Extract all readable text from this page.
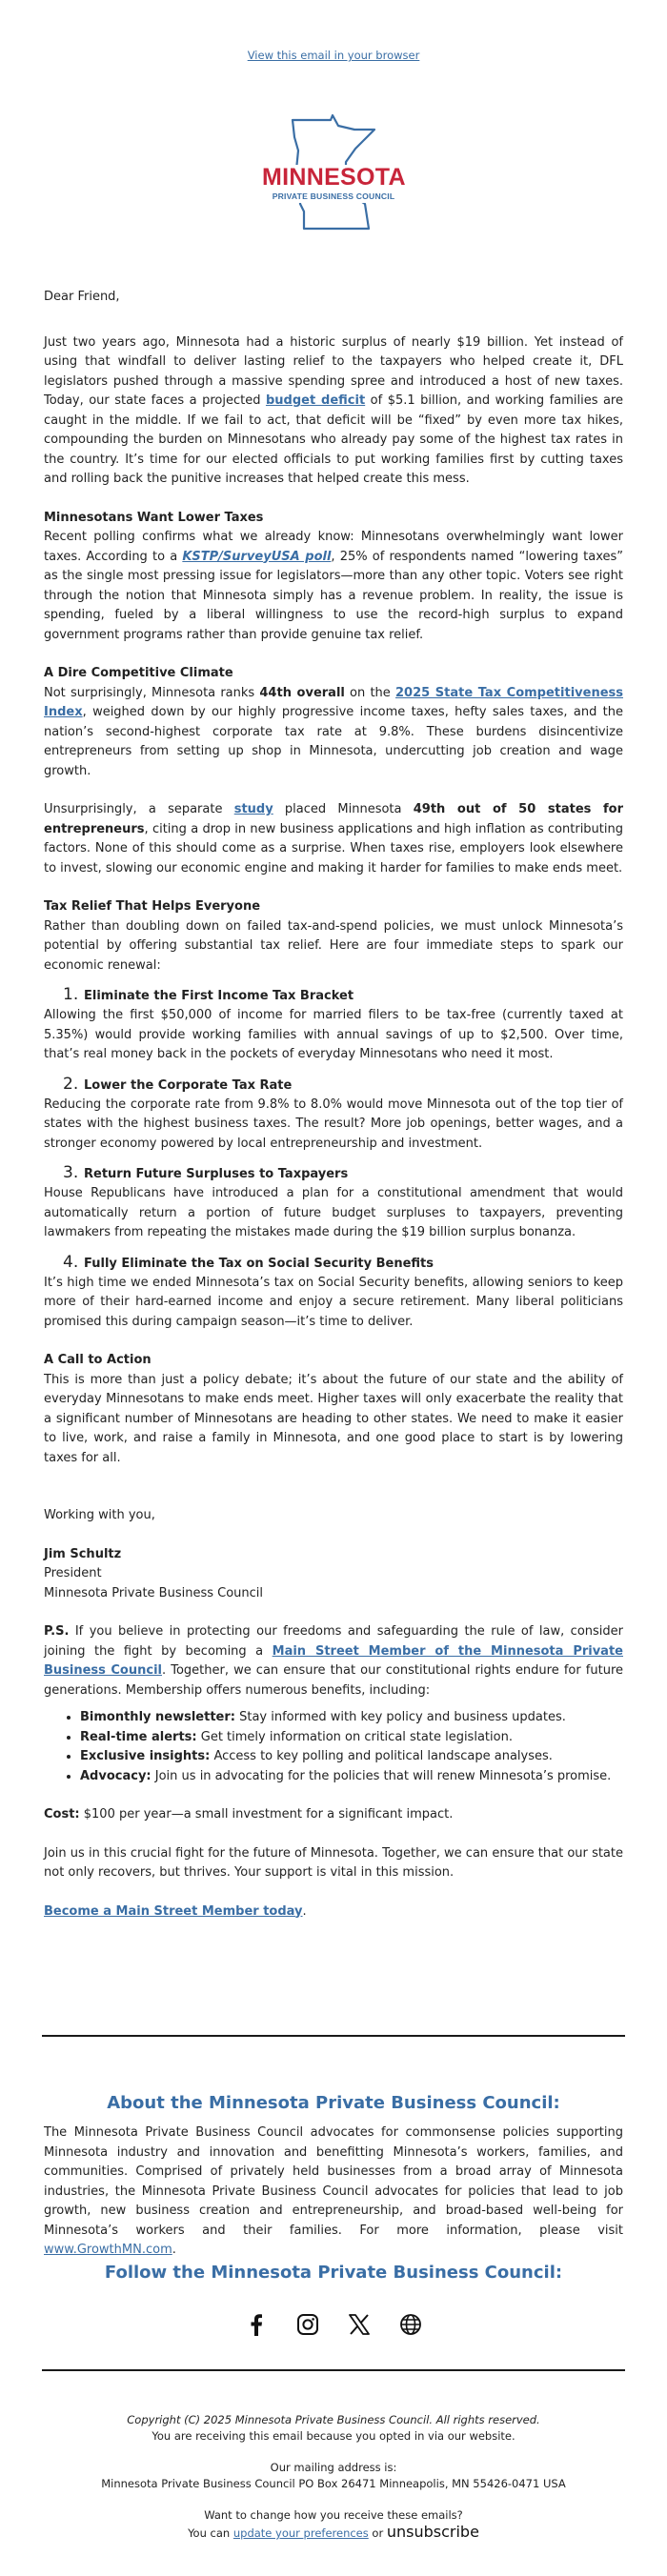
View this email in your browser
MINNESOTA
PRIVATE BUSINESS COUNCIL

Dear Friend,

Just two years ago, Minnesota had a historic surplus of nearly $19 billion. Yet instead of using that windfall to deliver lasting relief to the taxpayers who helped create it, DFL legislators pushed through a massive spending spree and introduced a host of new taxes. Today, our state faces a projected budget deficit of $5.1 billion, and working families are caught in the middle. If we fail to act, that deficit will be “fixed” by even more tax hikes, compounding the burden on Minnesotans who already pay some of the highest tax rates in the country. It’s time for our elected officials to put working families first by cutting taxes and rolling back the punitive increases that helped create this mess.

Minnesotans Want Lower Taxes

Recent polling confirms what we already know: Minnesotans overwhelmingly want lower taxes. According to a KSTP/SurveyUSA poll, 25% of respondents named “lowering taxes” as the single most pressing issue for legislators—more than any other topic. Voters see right through the notion that Minnesota simply has a revenue problem. In reality, the issue is spending, fueled by a liberal willingness to use the record-high surplus to expand government programs rather than provide genuine tax relief.

A Dire Competitive Climate

Not surprisingly, Minnesota ranks 44th overall on the 2025 State Tax Competitiveness Index, weighed down by our highly progressive income taxes, hefty sales taxes, and the nation’s second-highest corporate tax rate at 9.8%. These burdens disincentivize entrepreneurs from setting up shop in Minnesota, undercutting job creation and wage growth.

Unsurprisingly, a separate study placed Minnesota 49th out of 50 states for entrepreneurs, citing a drop in new business applications and high inflation as contributing factors. None of this should come as a surprise. When taxes rise, employers look elsewhere to invest, slowing our economic engine and making it harder for families to make ends meet.

Tax Relief That Helps Everyone

Rather than doubling down on failed tax-and-spend policies, we must unlock Minnesota’s potential by offering substantial tax relief. Here are four immediate steps to spark our economic renewal:

1. Eliminate the First Income Tax Bracket

Allowing the first $50,000 of income for married filers to be tax-free (currently taxed at 5.35%) would provide working families with annual savings of up to $2,500. Over time, that’s real money back in the pockets of everyday Minnesotans who need it most.

2. Lower the Corporate Tax Rate

Reducing the corporate rate from 9.8% to 8.0% would move Minnesota out of the top tier of states with the highest business taxes. The result? More job openings, better wages, and a stronger economy powered by local entrepreneurship and investment.

3. Return Future Surpluses to Taxpayers

House Republicans have introduced a plan for a constitutional amendment that would automatically return a portion of future budget surpluses to taxpayers, preventing lawmakers from repeating the mistakes made during the $19 billion surplus bonanza.

4. Fully Eliminate the Tax on Social Security Benefits

It’s high time we ended Minnesota’s tax on Social Security benefits, allowing seniors to keep more of their hard-earned income and enjoy a secure retirement. Many liberal politicians promised this during campaign season—it’s time to deliver.

A Call to Action

This is more than just a policy debate; it’s about the future of our state and the ability of everyday Minnesotans to make ends meet. Higher taxes will only exacerbate the reality that a significant number of Minnesotans are heading to other states. We need to make it easier to live, work, and raise a family in Minnesota, and one good place to start is by lowering taxes for all.

Working with you,

Jim Schultz

President

Minnesota Private Business Council

P.S. If you believe in protecting our freedoms and safeguarding the rule of law, consider joining the fight by becoming a Main Street Member of the Minnesota Private Business Council. Together, we can ensure that our constitutional rights endure for future generations. Membership offers numerous benefits, including:

• Bimonthly newsletter: Stay informed with key policy and business updates.
• Real-time alerts: Get timely information on critical state legislation.
• Exclusive insights: Access to key polling and political landscape analyses.
• Advocacy: Join us in advocating for the policies that will renew Minnesota’s promise.

Cost: $100 per year—a small investment for a significant impact.

Join us in this crucial fight for the future of Minnesota. Together, we can ensure that our state not only recovers, but thrives. Your support is vital in this mission.

Become a Main Street Member today.

About the Minnesota Private Business Council:
The Minnesota Private Business Council advocates for commonsense policies supporting Minnesota industry and innovation and benefitting Minnesota’s workers, families, and communities. Comprised of privately held businesses from a broad array of Minnesota industries, the Minnesota Private Business Council advocates for policies that lead to job growth, new business creation and entrepreneurship, and broad-based well-being for Minnesota’s workers and their families. For more information, please visit www.GrowthMN.com.
Follow the Minnesota Private Business Council:
Copyright (C) 2025 Minnesota Private Business Council. All rights reserved.
You are receiving this email because you opted in via our website.
Our mailing address is:
Minnesota Private Business Council PO Box 26471 Minneapolis, MN 55426-0471 USA
Want to change how you receive these emails?
You can update your preferences or unsubscribe
